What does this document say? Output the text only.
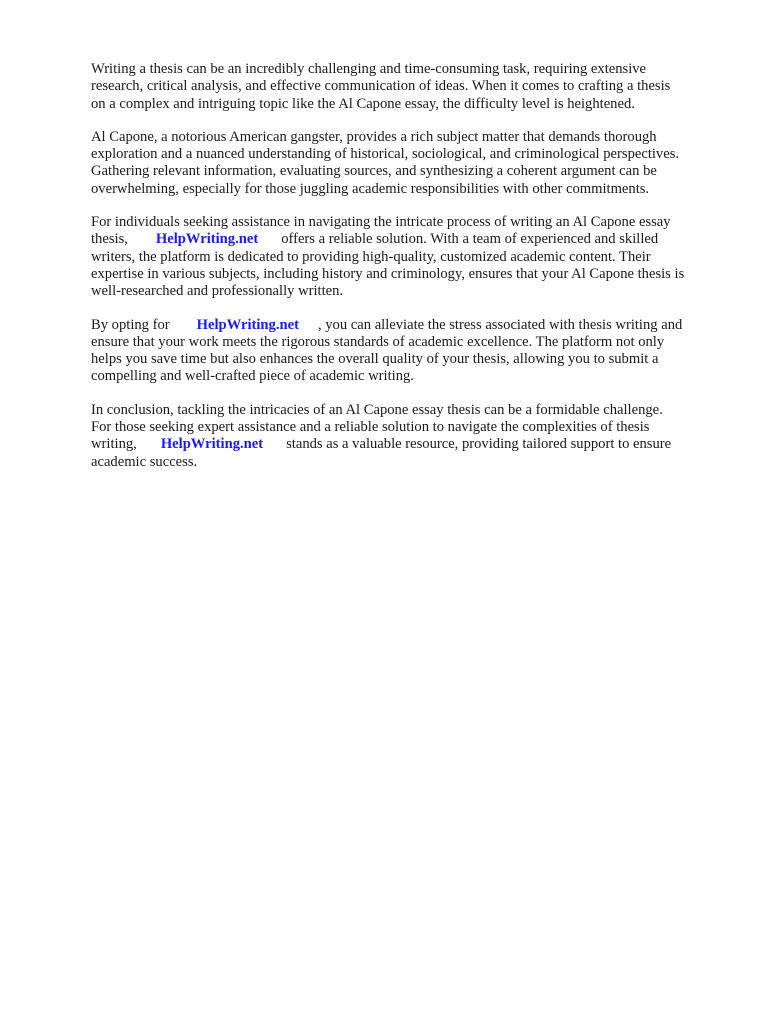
Writing a thesis can be an incredibly challenging and time-consuming task, requiring extensive
research, critical analysis, and effective communication of ideas. When it comes to crafting a thesis
on a complex and intriguing topic like the Al Capone essay, the difficulty level is heightened.

Al Capone, a notorious American gangster, provides a rich subject matter that demands thorough
exploration and a nuanced understanding of historical, sociological, and criminological perspectives.
Gathering relevant information, evaluating sources, and synthesizing a coherent argument can be
overwhelming, especially for those juggling academic responsibilities with other commitments.

For individuals seeking assistance in navigating the intricate process of writing an Al Capone essay
thesis, HelpWriting.net offers a reliable solution. With a team of experienced and skilled
writers, the platform is dedicated to providing high-quality, customized academic content. Their
expertise in various subjects, including history and criminology, ensures that your Al Capone thesis is
well-researched and professionally written.

By opting for HelpWriting.net , you can alleviate the stress associated with thesis writing and
ensure that your work meets the rigorous standards of academic excellence. The platform not only
helps you save time but also enhances the overall quality of your thesis, allowing you to submit a
compelling and well-crafted piece of academic writing.

In conclusion, tackling the intricacies of an Al Capone essay thesis can be a formidable challenge.
For those seeking expert assistance and a reliable solution to navigate the complexities of thesis
writing, HelpWriting.net stands as a valuable resource, providing tailored support to ensure
academic success.
